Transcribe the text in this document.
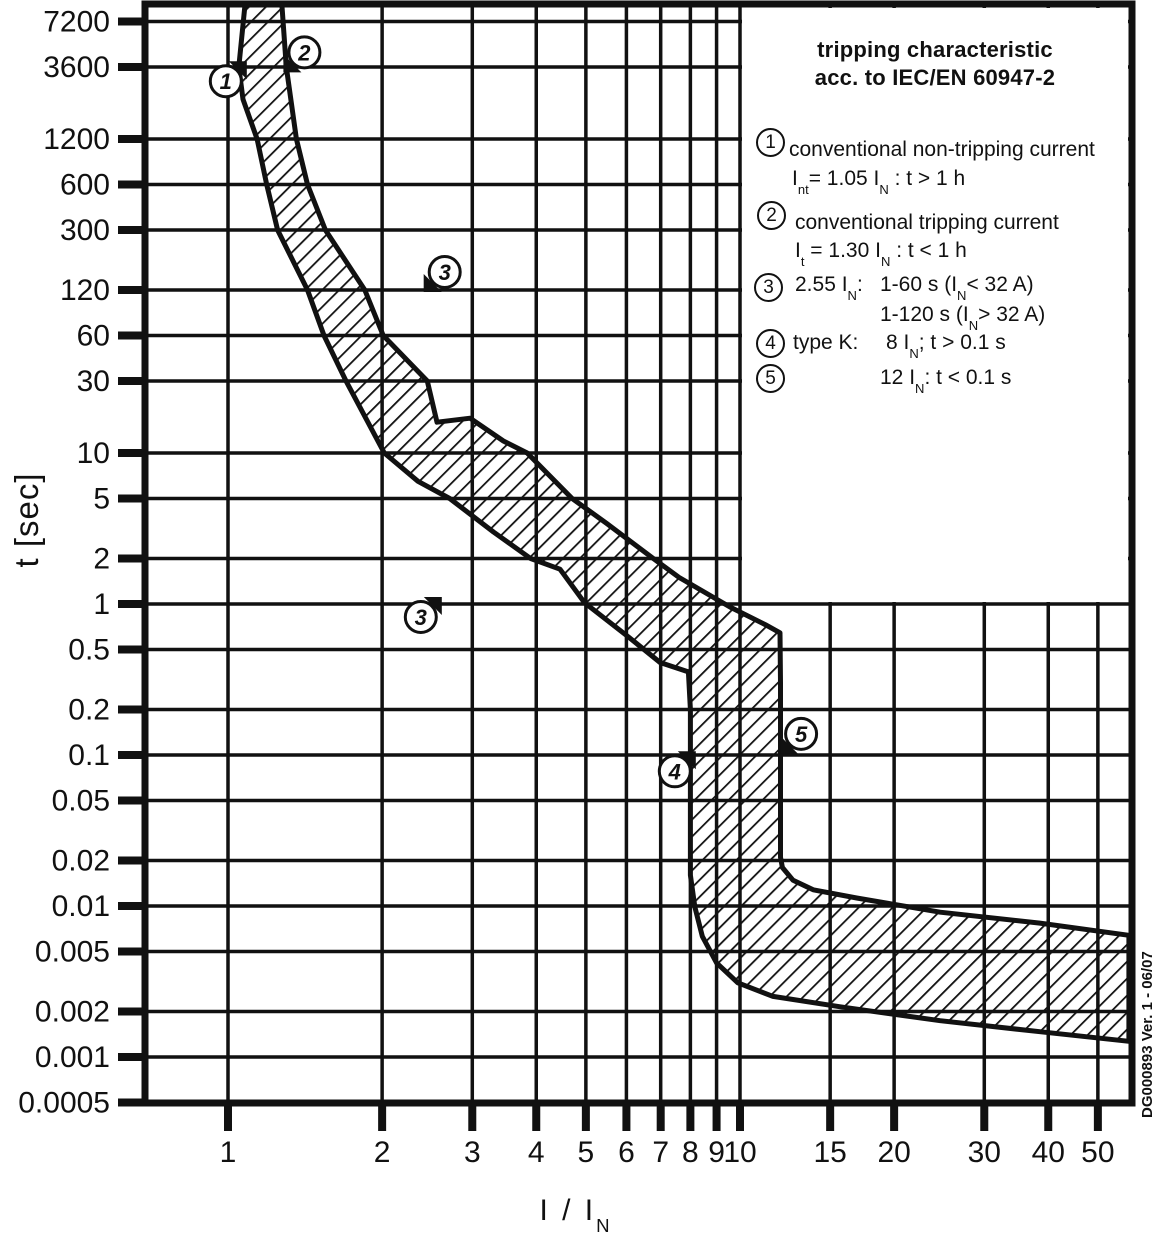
7200
3600
1200
600
300
120
60
30
10
5
2
1
0.5
0.2
0.1
0.05
0.02
0.01
0.005
0.002
0.001
0.0005
1	2 3 4 5 6 7 8 9
10 15 20 30 40 50
1
2
3
3
4
5
DG000893 Ver. 1 - 06/07
tripping characteristic
acc. to IEC/EN 60947-2
1 conventional non-tripping current
$I_{nt}= 1.05$ $I_N$ : t > 1 h
2 conventional tripping current
$I_t = 1.30$ $I_N$ : t < 1 h
3	2.55 $I_N$: 1-60 s ($I_N< 32$ A)
1-120 s ($I_N> 32$ A)
4 type K: 8 $I_N$; t > 0.1 s
5	12 $I_N$: t < 0.1 s
t [sec]
I / $I_N$
